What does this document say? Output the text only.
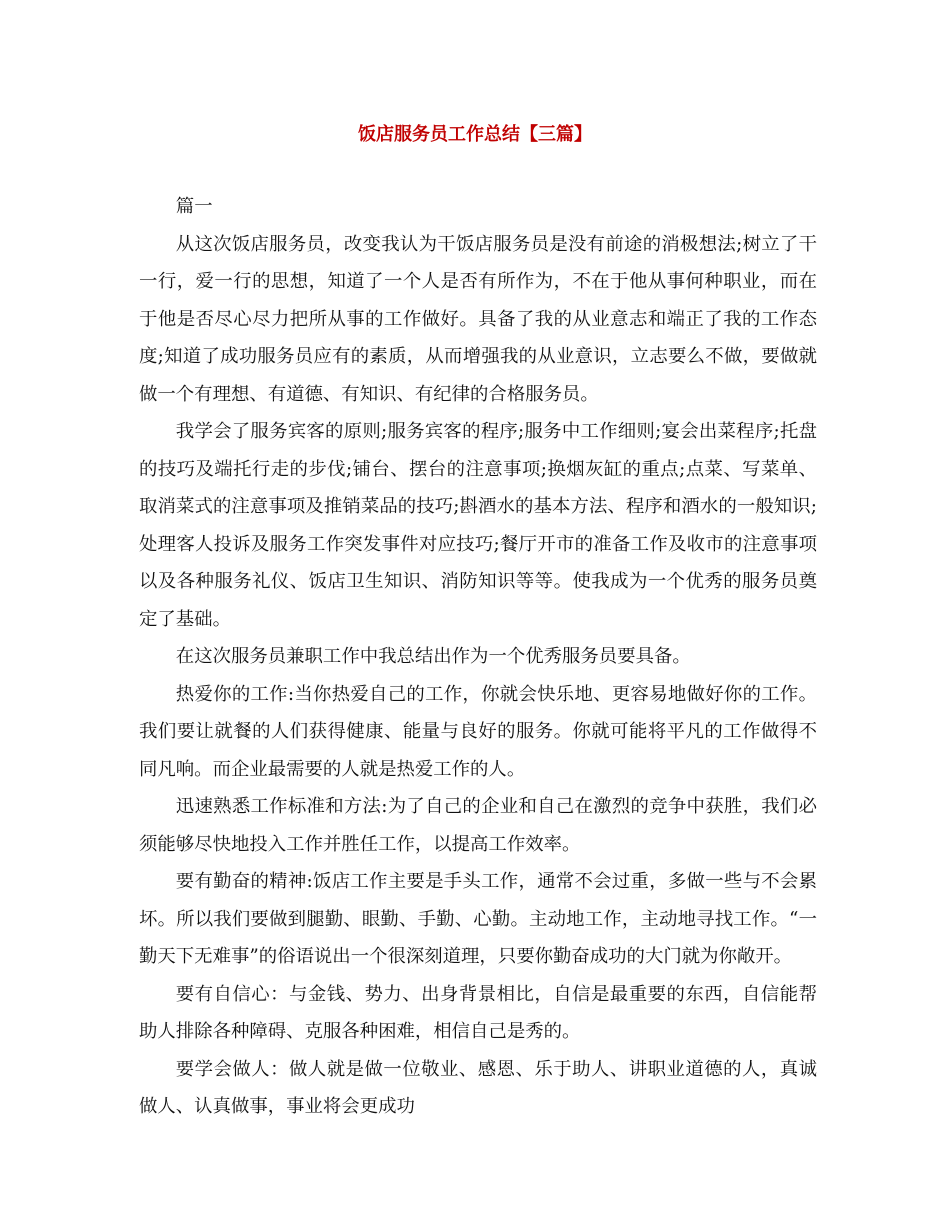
饭店服务员工作总结【三篇】

篇一

从这次饭店服务员，改变我认为干饭店服务员是没有前途的消极想法;树立了干一行，爱一行的思想，知道了一个人是否有所作为，不在于他从事何种职业，而在于他是否尽心尽力把所从事的工作做好。具备了我的从业意志和端正了我的工作态度;知道了成功服务员应有的素质，从而增强我的从业意识，立志要么不做，要做就做一个有理想、有道德、有知识、有纪律的合格服务员。

我学会了服务宾客的原则;服务宾客的程序;服务中工作细则;宴会出菜程序;托盘的技巧及端托行走的步伐;铺台、摆台的注意事项;换烟灰缸的重点;点菜、写菜单、取消菜式的注意事项及推销菜品的技巧;斟酒水的基本方法、程序和酒水的一般知识;处理客人投诉及服务工作突发事件对应技巧;餐厅开市的准备工作及收市的注意事项以及各种服务礼仪、饭店卫生知识、消防知识等等。使我成为一个优秀的服务员奠定了基础。

在这次服务员兼职工作中我总结出作为一个优秀服务员要具备。

热爱你的工作:当你热爱自己的工作，你就会快乐地、更容易地做好你的工作。我们要让就餐的人们获得健康、能量与良好的服务。你就可能将平凡的工作做得不同凡响。而企业最需要的人就是热爱工作的人。

迅速熟悉工作标准和方法:为了自己的企业和自己在激烈的竞争中获胜，我们必须能够尽快地投入工作并胜任工作，以提高工作效率。

要有勤奋的精神:饭店工作主要是手头工作，通常不会过重，多做一些与不会累坏。所以我们要做到腿勤、眼勤、手勤、心勤。主动地工作，主动地寻找工作。“一勤天下无难事”的俗语说出一个很深刻道理，只要你勤奋成功的大门就为你敞开。

要有自信心：与金钱、势力、出身背景相比，自信是最重要的东西，自信能帮助人排除各种障碍、克服各种困难，相信自己是秀的。

要学会做人：做人就是做一位敬业、感恩、乐于助人、讲职业道德的人，真诚做人、认真做事，事业将会更成功
